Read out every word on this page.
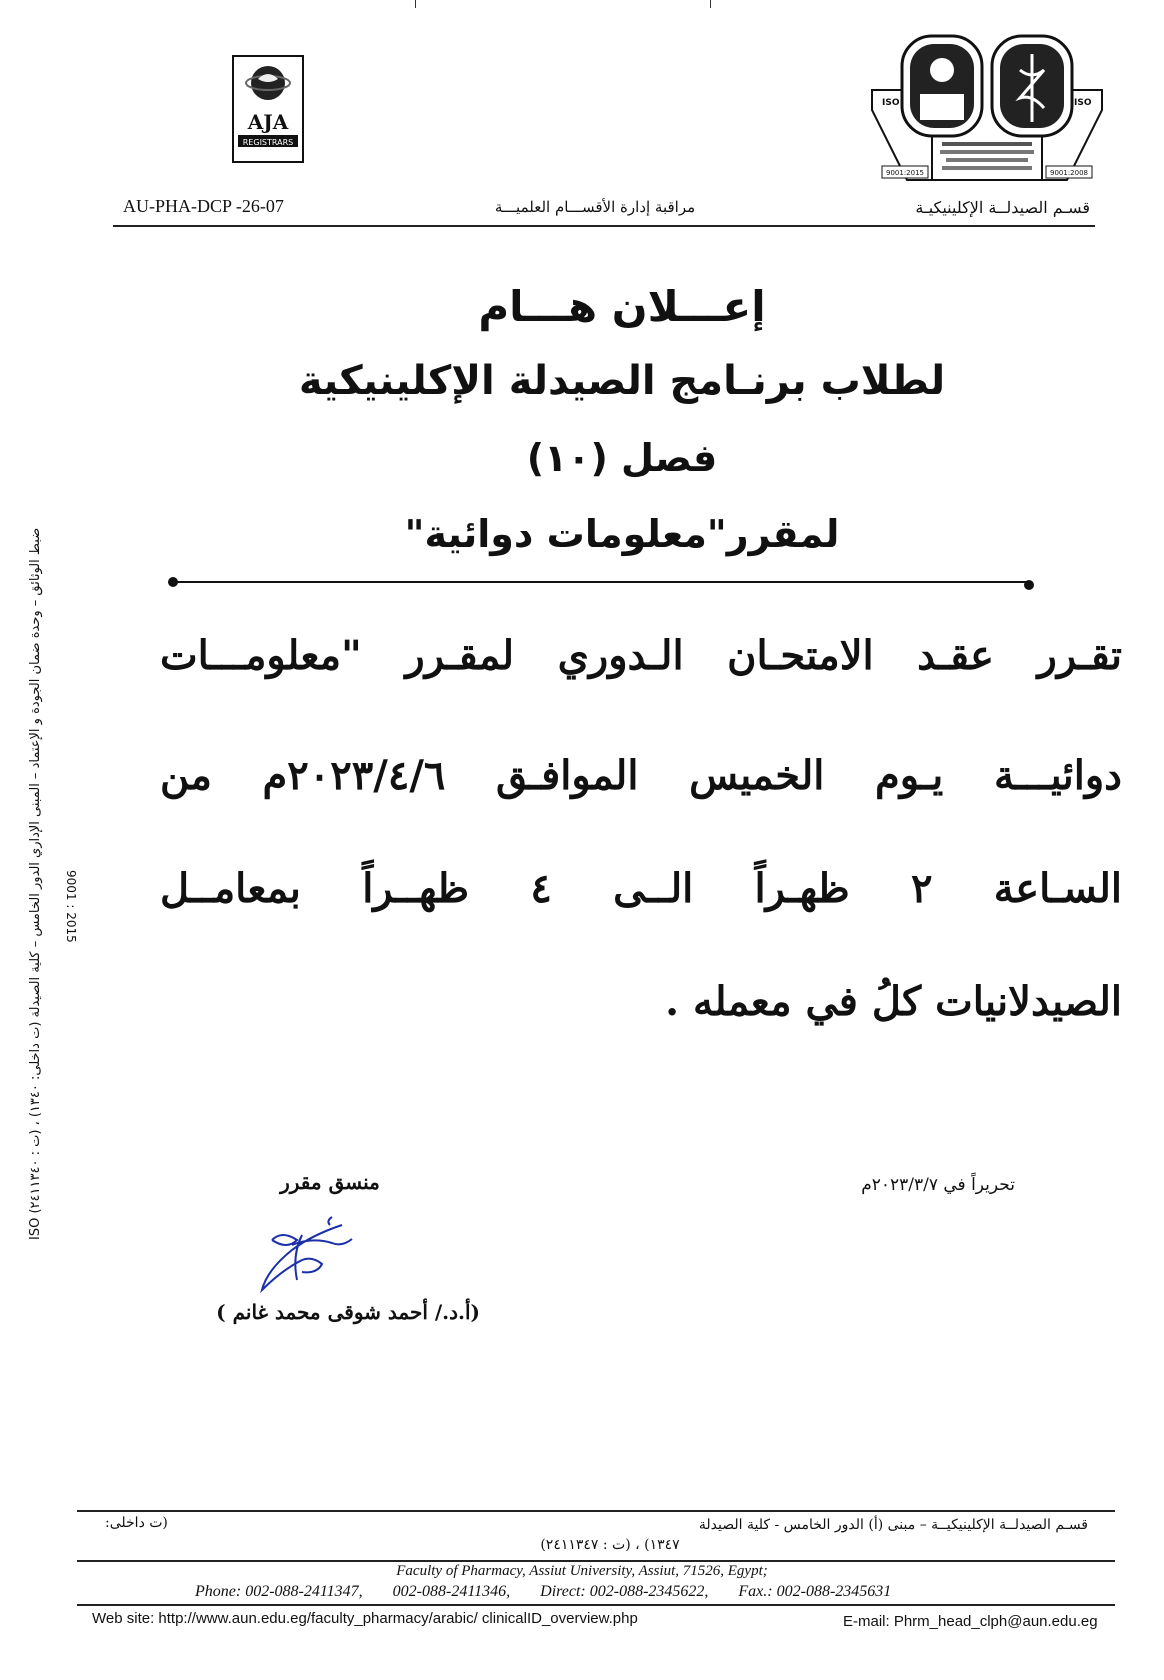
AJA
REGISTRARS
ISO	ISO
9001:2015	9001:2008
AU-PHA-DCP -26-07	مراقبة إدارة الأقســـام العلميـــة	قسـم الصيدلــة الإكلينيكيـة
إعـــلان هـــام
لطلاب برنـامج الصيدلة الإكلينيكية
فصل (١٠)
لمقرر"معلومات دوائية"
تقـرر عقـد الامتحـان الـدوري لمقـرر "معلومـــات
دوائيـــة يـوم الخميس الموافـق ٢٠٢٣/٤/٦م من
السـاعة ٢ ظهـراً الــى ٤ ظهــراً بمعامــل
الصيدلانيات كلُ في معمله .
تحريراً في ٢٠٢٣/٣/٧م
منسق مقرر
(أ.د./ أحمد شوقى محمد غانم )
ضبط الوثائق – وحدة ضمان الجودة و الإعتماد – المبنى الإداري الدور الخامس – كلية الصيدلة (ت داخلى: ١٣٤٠) ، (ت : ٢٤١١٣٤٠) ISO 9001 : 2015
(ت داخلى:	قسـم الصيدلــة الإكلينيكيــة – مبنى (أ) الدور الخامس - كلية الصيدلة
١٣٤٧) ، (ت : ٢٤١١٣٤٧)
Faculty of Pharmacy, Assiut University, Assiut, 71526, Egypt;
Phone: 002-088-2411347, 002-088-2411346, Direct: 002-088-2345622, Fax.: 002-088-2345631
Web site: http://www.aun.edu.eg/faculty_pharmacy/arabic/ clinicalID_overview.php	E-mail: Phrm_head_clph@aun.edu.eg
